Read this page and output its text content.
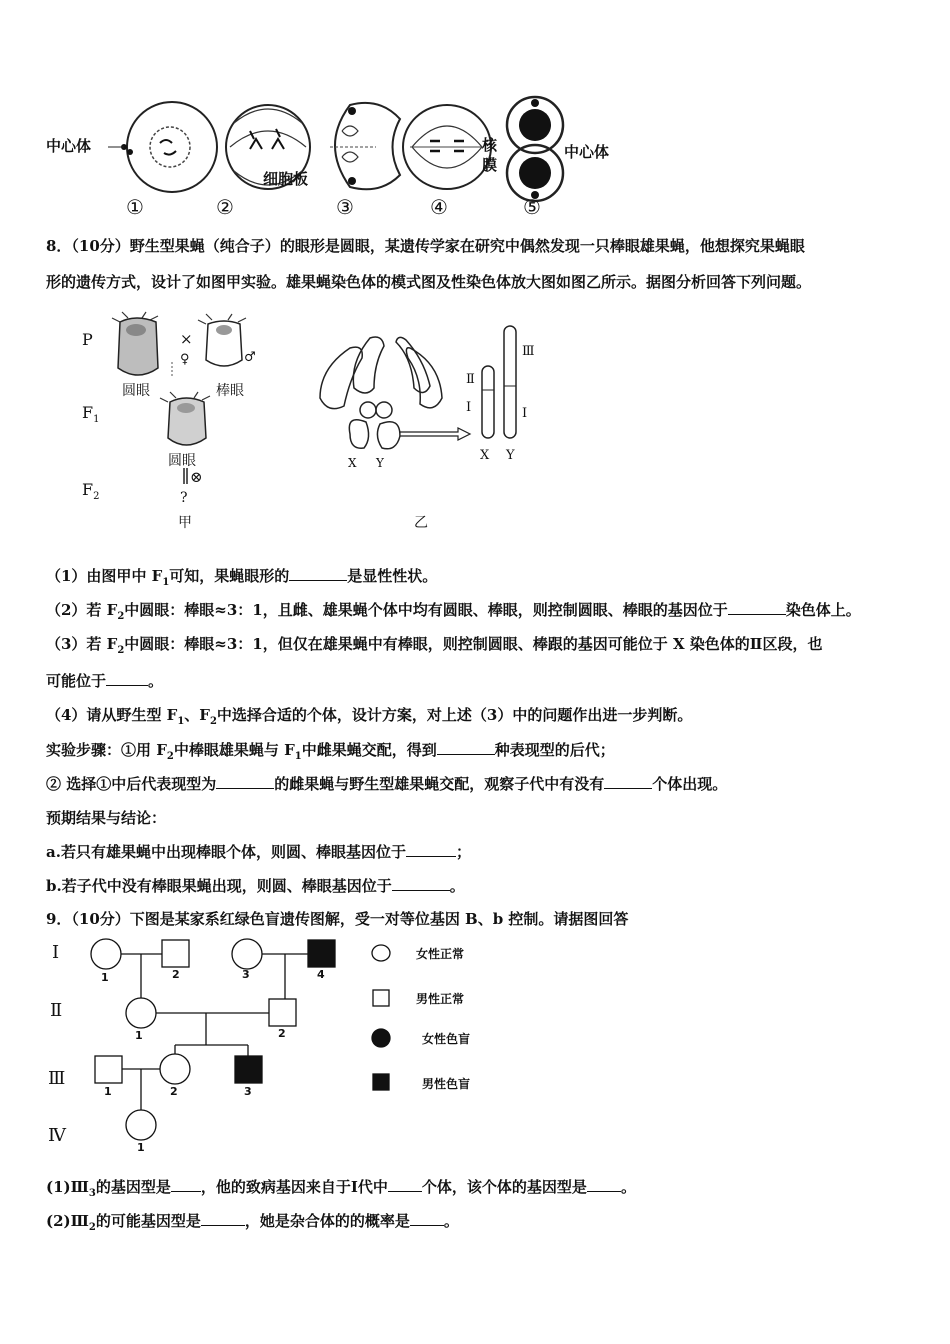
中心体
细胞板
核膜
中心体
①	②	③	④	⑤
8．（10分）野生型果蝇（纯合子）的眼形是圆眼，某遗传学家在研究中偶然发现一只棒眼雄果蝇，他想探究果蝇眼
形的遗传方式，设计了如图甲实验。雄果蝇染色体的模式图及性染色体放大图如图乙所示。据图分析回答下列问题。
P
$F_1$
$F_2$
×
♀	♂
圆眼	棒眼
圆眼
⊗
?
甲
X Y
Ⅱ
Ⅰ
Ⅲ
Ⅰ
X Y
乙
（1）由图甲中 $F_1$可知，果蝇眼形的	是显性性状。
（2）若 $F_2$中圆眼：棒眼≈3：1，且雌、雄果蝇个体中均有圆眼、棒眼，则控制圆眼、棒眼的基因位于	染色体上。
（3）若 $F_2$中圆眼：棒眼≈3：1，但仅在雄果蝇中有棒眼，则控制圆眼、棒跟的基因可能位于 X 染色体的Ⅱ区段，也
可能位于	。
（4）请从野生型 $F_1$、$F_2$中选择合适的个体，设计方案，对上述（3）中的问题作出进一步判断。
实验步骤：①用 $F_2$中棒眼雄果蝇与 $F_1$中雌果蝇交配，得到	种表现型的后代；
② 选择①中后代表现型为	的雌果蝇与野生型雄果蝇交配，观察子代中有没有	个体出现。
预期结果与结论：
a.若只有雄果蝇中出现棒眼个体，则圆、棒眼基因位于	；
b.若子代中没有棒眼果蝇出现，则圆、棒眼基因位于	。
9．（10分）下图是某家系红绿色盲遗传图解，受一对等位基因 B、b 控制。请据图回答
Ⅰ
Ⅱ
Ⅲ
Ⅳ
1	2	3	4
1	2
1	2	3
1
女性正常
男性正常
女性色盲
男性色盲
$(1)Ⅲ_3$的基因型是 ，他的致病基因来自于Ⅰ代中 个体，该个体的基因型是 。
$(2)Ⅲ_2$的可能基因型是	，她是杂合体的的概率是 。
